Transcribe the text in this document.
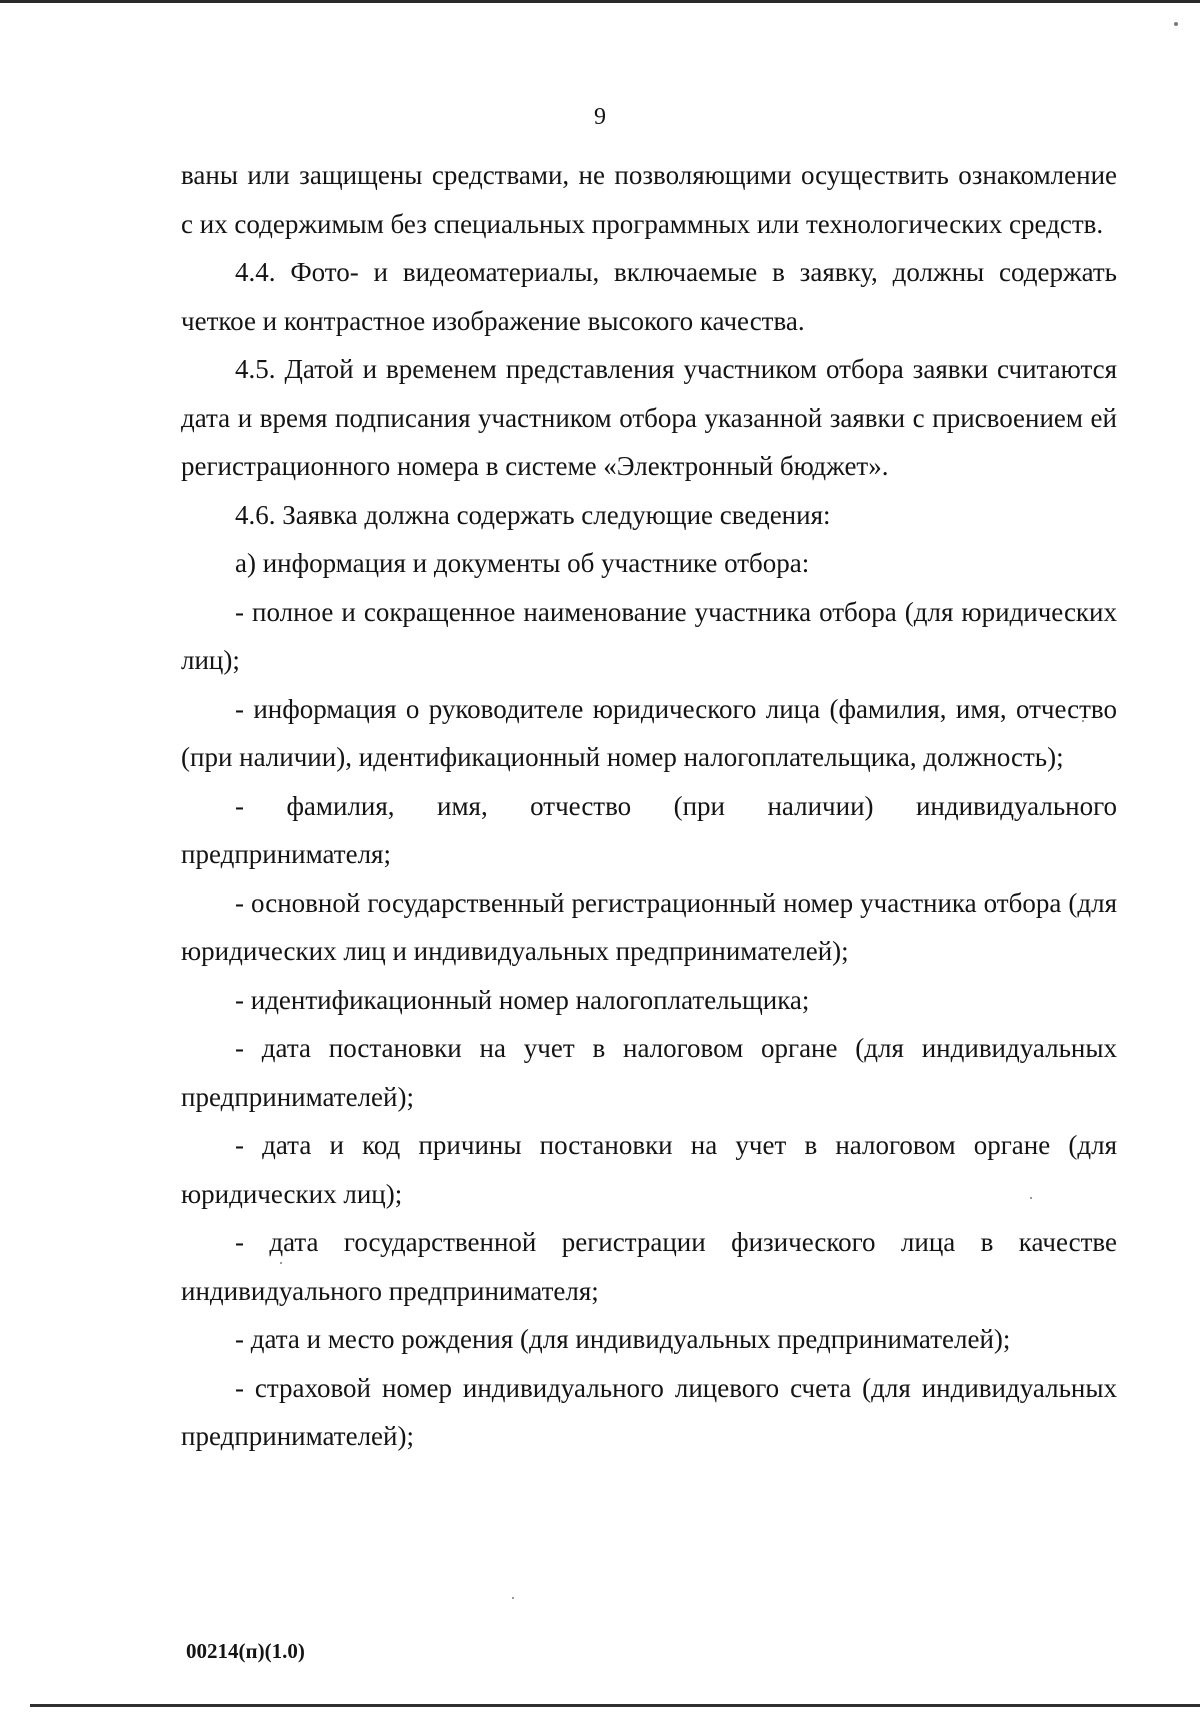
9

ваны или защищены средствами, не позволяющими осуществить ознакомление с их содержимым без специальных программных или технологических средств.

4.4. Фото- и видеоматериалы, включаемые в заявку, должны содержать четкое и контрастное изображение высокого качества.

4.5. Датой и временем представления участником отбора заявки считаются дата и время подписания участником отбора указанной заявки с присвоением ей регистрационного номера в системе «Электронный бюджет».

4.6. Заявка должна содержать следующие сведения:

а) информация и документы об участнике отбора:

- полное и сокращенное наименование участника отбора (для юридических лиц);

- информация о руководителе юридического лица (фамилия, имя, отчество (при наличии), идентификационный номер налогоплательщика, должность);

- фамилия, имя, отчество (при наличии) индивидуального предпринимателя;

- основной государственный регистрационный номер участника отбора (для юридических лиц и индивидуальных предпринимателей);

- идентификационный номер налогоплательщика;

- дата постановки на учет в налоговом органе (для индивидуальных предпринимателей);

- дата и код причины постановки на учет в налоговом органе (для юридических лиц);

- дата государственной регистрации физического лица в качестве индивидуального предпринимателя;

- дата и место рождения (для индивидуальных предпринимателей);

- страховой номер индивидуального лицевого счета (для индивидуальных предпринимателей);

00214(п)(1.0)
